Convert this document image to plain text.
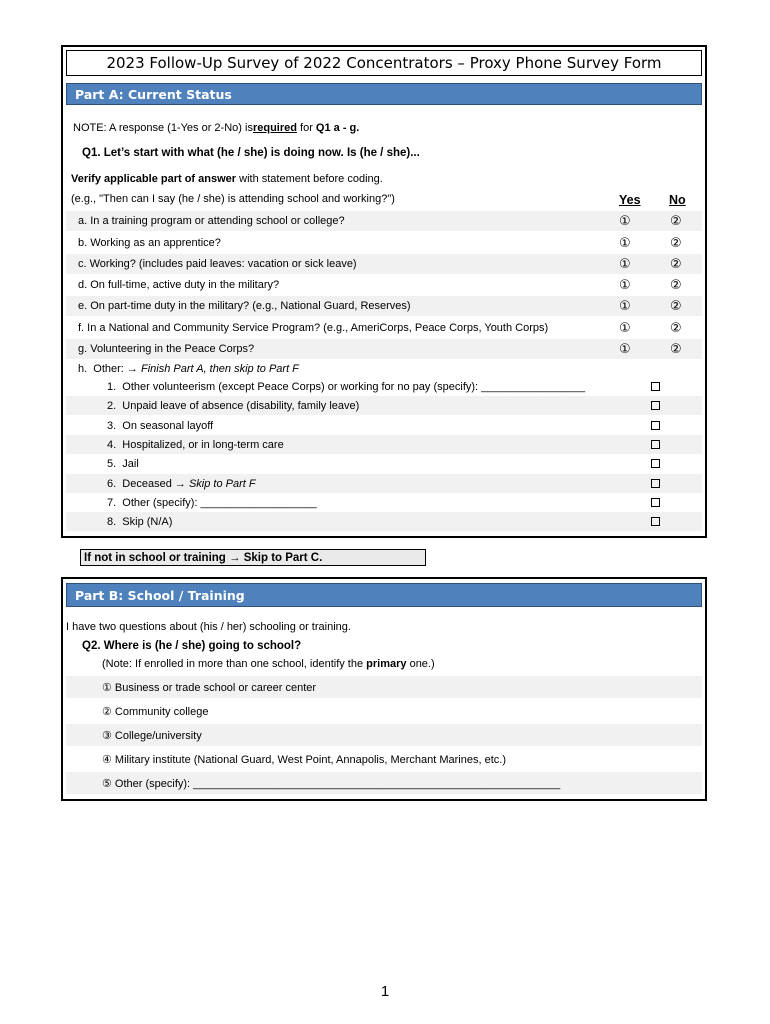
2023 Follow-Up Survey of 2022 Concentrators – Proxy Phone Survey Form
Part A: Current Status
NOTE: A response (1-Yes or 2-No) is required for Q1 a - g.
Q1. Let’s start with what (he / she) is doing now. Is (he / she)...
Verify applicable part of answer with statement before coding.
(e.g., "Then can I say (he / she) is attending school and working?")	Yes No
a. In a training program or attending school or college?	①	②
b. Working as an apprentice?	①	②
c. Working? (includes paid leaves: vacation or sick leave)	①	②
d. On full-time, active duty in the military?	①	②
e. On part-time duty in the military? (e.g., National Guard, Reserves)	①	②
f. In a National and Community Service Program? (e.g., AmeriCorps, Peace Corps, Youth Corps)	①	②
g. Volunteering in the Peace Corps?	①	②
h.  Other: → Finish Part A, then skip to Part F
1.  Other volunteerism (except Peace Corps) or working for no pay (specify): _________________
2.  Unpaid leave of absence (disability, family leave)
3.  On seasonal layoff
4.  Hospitalized, or in long-term care
5.  Jail
6.  Deceased → Skip to Part F
7.  Other (specify): ___________________
8.  Skip (N/A)
If not in school or training → Skip to Part C.
Part B: School / Training
I have two questions about (his / her) schooling or training.
Q2. Where is (he / she) going to school?
(Note: If enrolled in more than one school, identify the primary one.)
① Business or trade school or career center
② Community college
③ College/university
④ Military institute (National Guard, West Point, Annapolis, Merchant Marines, etc.)
⑤ Other (specify): ____________________________________________________________
1
